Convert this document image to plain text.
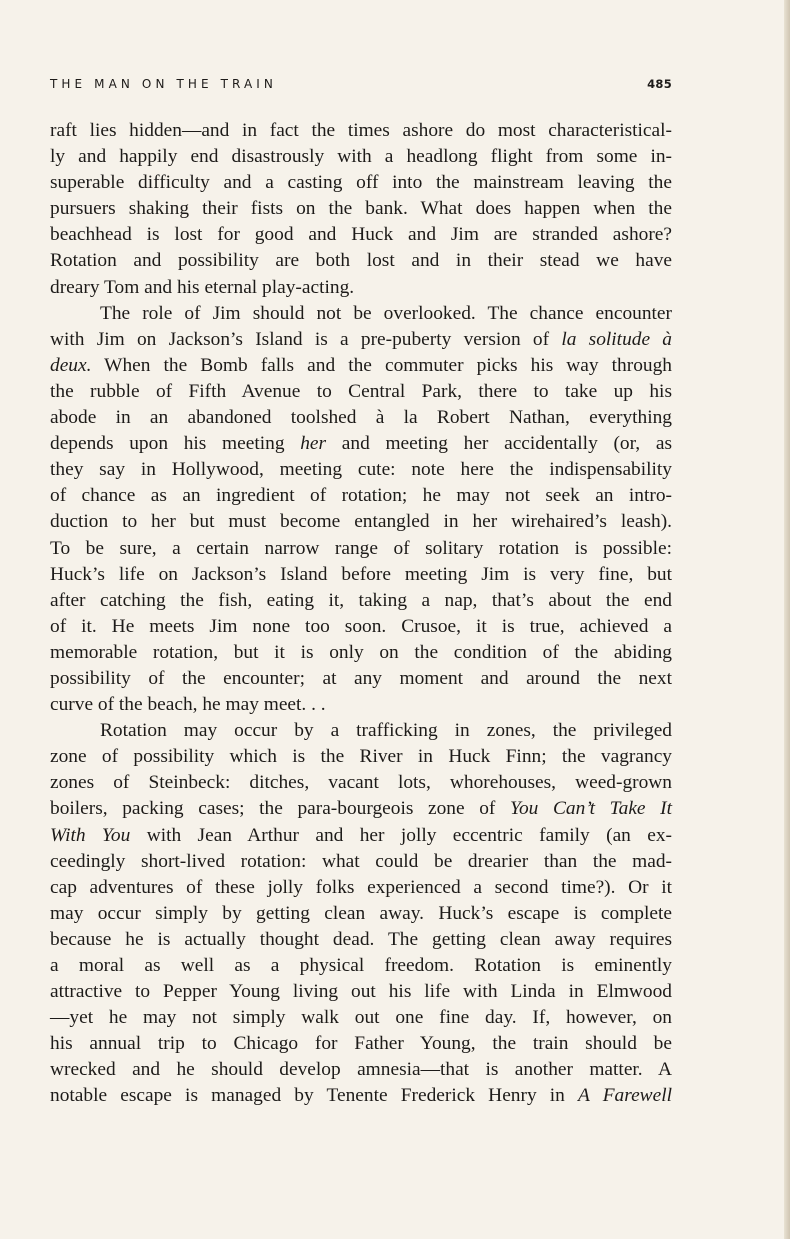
THE MAN ON THE TRAIN	485
raft lies hidden—and in fact the times ashore do most characteristical-
ly and happily end disastrously with a headlong flight from some in-
superable difficulty and a casting off into the mainstream leaving the
pursuers shaking their fists on the bank. What does happen when the
beachhead is lost for good and Huck and Jim are stranded ashore?
Rotation and possibility are both lost and in their stead we have
dreary Tom and his eternal play-acting.
The role of Jim should not be overlooked. The chance encounter
with Jim on Jackson’s Island is a pre-puberty version of la solitude à
deux. When the Bomb falls and the commuter picks his way through
the rubble of Fifth Avenue to Central Park, there to take up his
abode in an abandoned toolshed à la Robert Nathan, everything
depends upon his meeting her and meeting her accidentally (or, as
they say in Hollywood, meeting cute: note here the indispensability
of chance as an ingredient of rotation; he may not seek an intro-
duction to her but must become entangled in her wirehaired’s leash).
To be sure, a certain narrow range of solitary rotation is possible:
Huck’s life on Jackson’s Island before meeting Jim is very fine, but
after catching the fish, eating it, taking a nap, that’s about the end
of it. He meets Jim none too soon. Crusoe, it is true, achieved a
memorable rotation, but it is only on the condition of the abiding
possibility of the encounter; at any moment and around the next
curve of the beach, he may meet. . .
Rotation may occur by a trafficking in zones, the privileged
zone of possibility which is the River in Huck Finn; the vagrancy
zones of Steinbeck: ditches, vacant lots, whorehouses, weed-grown
boilers, packing cases; the para-bourgeois zone of You Can’t Take It
With You with Jean Arthur and her jolly eccentric family (an ex-
ceedingly short-lived rotation: what could be drearier than the mad-
cap adventures of these jolly folks experienced a second time?). Or it
may occur simply by getting clean away. Huck’s escape is complete
because he is actually thought dead. The getting clean away requires
a moral as well as a physical freedom. Rotation is eminently
attractive to Pepper Young living out his life with Linda in Elmwood
—yet he may not simply walk out one fine day. If, however, on
his annual trip to Chicago for Father Young, the train should be
wrecked and he should develop amnesia—that is another matter. A
notable escape is managed by Tenente Frederick Henry in A Farewell
